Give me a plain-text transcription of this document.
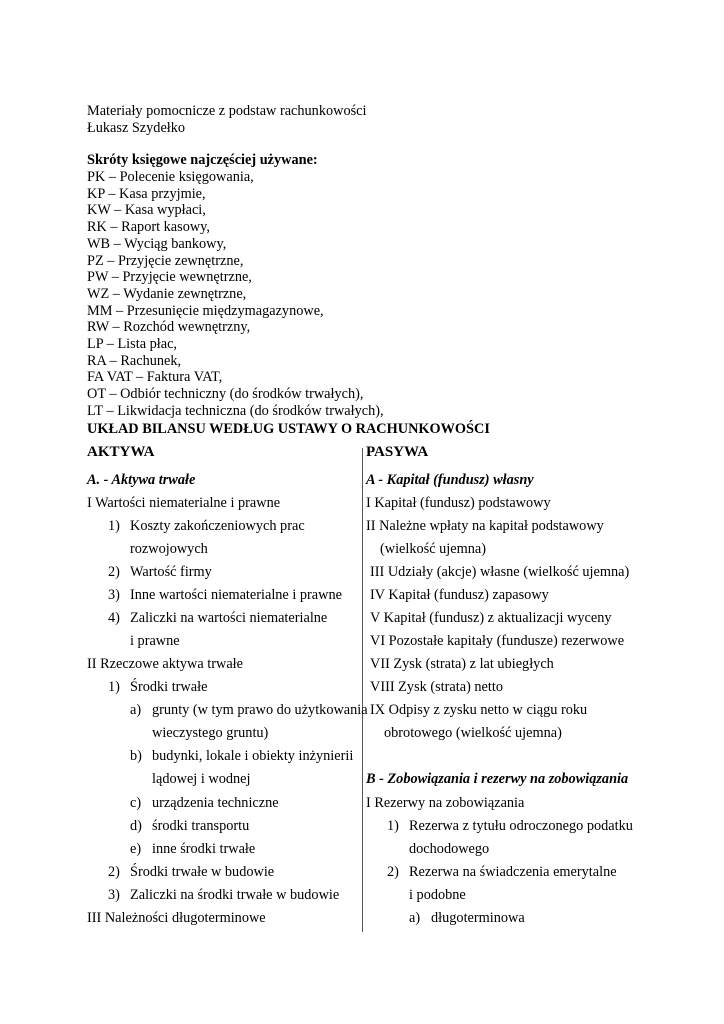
Materiały pomocnicze z podstaw rachunkowości
Łukasz Szydełko
Skróty księgowe najczęściej używane:
PK – Polecenie księgowania,
KP – Kasa przyjmie,
KW – Kasa wypłaci,
RK – Raport kasowy,
WB – Wyciąg bankowy,
PZ – Przyjęcie zewnętrzne,
PW – Przyjęcie wewnętrzne,
WZ – Wydanie zewnętrzne,
MM – Przesunięcie międzymagazynowe,
RW – Rozchód wewnętrzny,
LP – Lista płac,
RA – Rachunek,
FA VAT – Faktura VAT,
OT – Odbiór techniczny (do środków trwałych),
LT – Likwidacja techniczna (do środków trwałych),
UKŁAD BILANSU WEDŁUG USTAWY O RACHUNKOWOŚCI
AKTYWA	PASYWA
A. - Aktywa trwałe
I Wartości niematerialne i prawne
1) Koszty zakończeniowych prac
rozwojowych
2) Wartość firmy
3) Inne wartości niematerialne i prawne
4) Zaliczki na wartości niematerialne
i prawne
II Rzeczowe aktywa trwałe
1) Środki trwałe
a) grunty (w tym prawo do użytkowania
wieczystego gruntu)
b) budynki, lokale i obiekty inżynierii
lądowej i wodnej
c) urządzenia techniczne
d) środki transportu
e) inne środki trwałe
2) Środki trwałe w budowie
3) Zaliczki na środki trwałe w budowie
III Należności długoterminowe
A - Kapitał (fundusz) własny
I Kapitał (fundusz) podstawowy
II Należne wpłaty na kapitał podstawowy
(wielkość ujemna)
III Udziały (akcje) własne (wielkość ujemna)
IV Kapitał (fundusz) zapasowy
V Kapitał (fundusz) z aktualizacji wyceny
VI Pozostałe kapitały (fundusze) rezerwowe
VII Zysk (strata) z lat ubiegłych
VIII Zysk (strata) netto
IX Odpisy z zysku netto w ciągu roku
obrotowego (wielkość ujemna)
B - Zobowiązania i rezerwy na zobowiązania
I Rezerwy na zobowiązania
1) Rezerwa z tytułu odroczonego podatku
dochodowego
2) Rezerwa na świadczenia emerytalne
i podobne
a) długoterminowa
